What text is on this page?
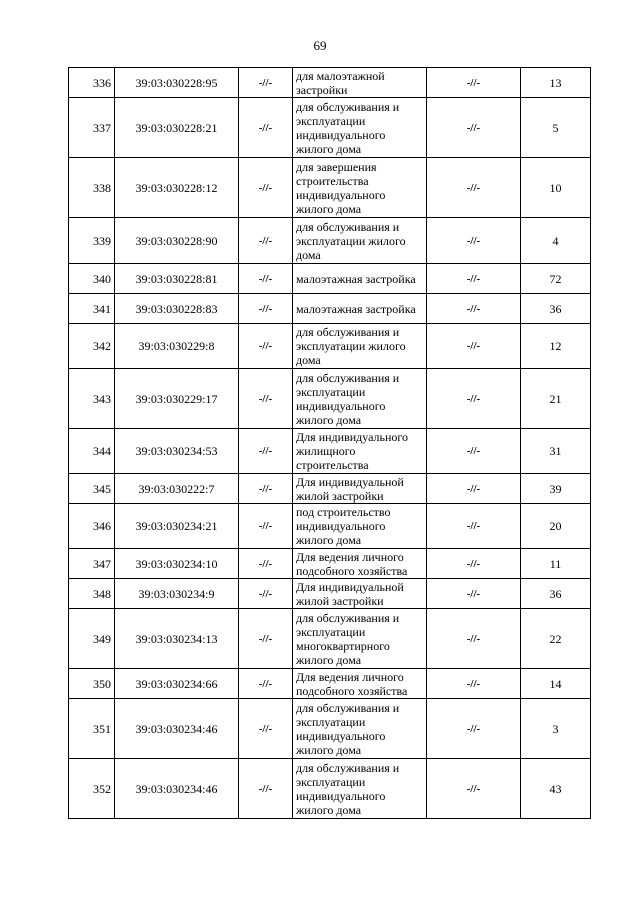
69
336	39:03:030228:95	-//-	для малоэтажной застройки	-//-	13
337	39:03:030228:21	-//-	для обслуживания и эксплуатации индивидуального жилого дома	-//-	5
338	39:03:030228:12	-//-	для завершения строительства индивидуального жилого дома	-//-	10
339	39:03:030228:90	-//-	для обслуживания и эксплуатации жилого дома	-//-	4
340	39:03:030228:81	-//-	малоэтажная застройка	-//-	72
341	39:03:030228:83	-//-	малоэтажная застройка	-//-	36
342	39:03:030229:8	-//-	для обслуживания и эксплуатации жилого дома	-//-	12
343	39:03:030229:17	-//-	для обслуживания и эксплуатации индивидуального жилого дома	-//-	21
344	39:03:030234:53	-//-	Для индивидуального жилищного строительства	-//-	31
345	39:03:030222:7	-//-	Для индивидуальной жилой застройки	-//-	39
346	39:03:030234:21	-//-	под строительство индивидуального жилого дома	-//-	20
347	39:03:030234:10	-//-	Для ведения личного подсобного хозяйства	-//-	11
348	39:03:030234:9	-//-	Для индивидуальной жилой застройки	-//-	36
349	39:03:030234:13	-//-	для обслуживания и эксплуатации многоквартирного жилого дома	-//-	22
350	39:03:030234:66	-//-	Для ведения личного подсобного хозяйства	-//-	14
351	39:03:030234:46	-//-	для обслуживания и эксплуатации индивидуального жилого дома	-//-	3
352	39:03:030234:46	-//-	для обслуживания и эксплуатации индивидуального жилого дома	-//-	43
